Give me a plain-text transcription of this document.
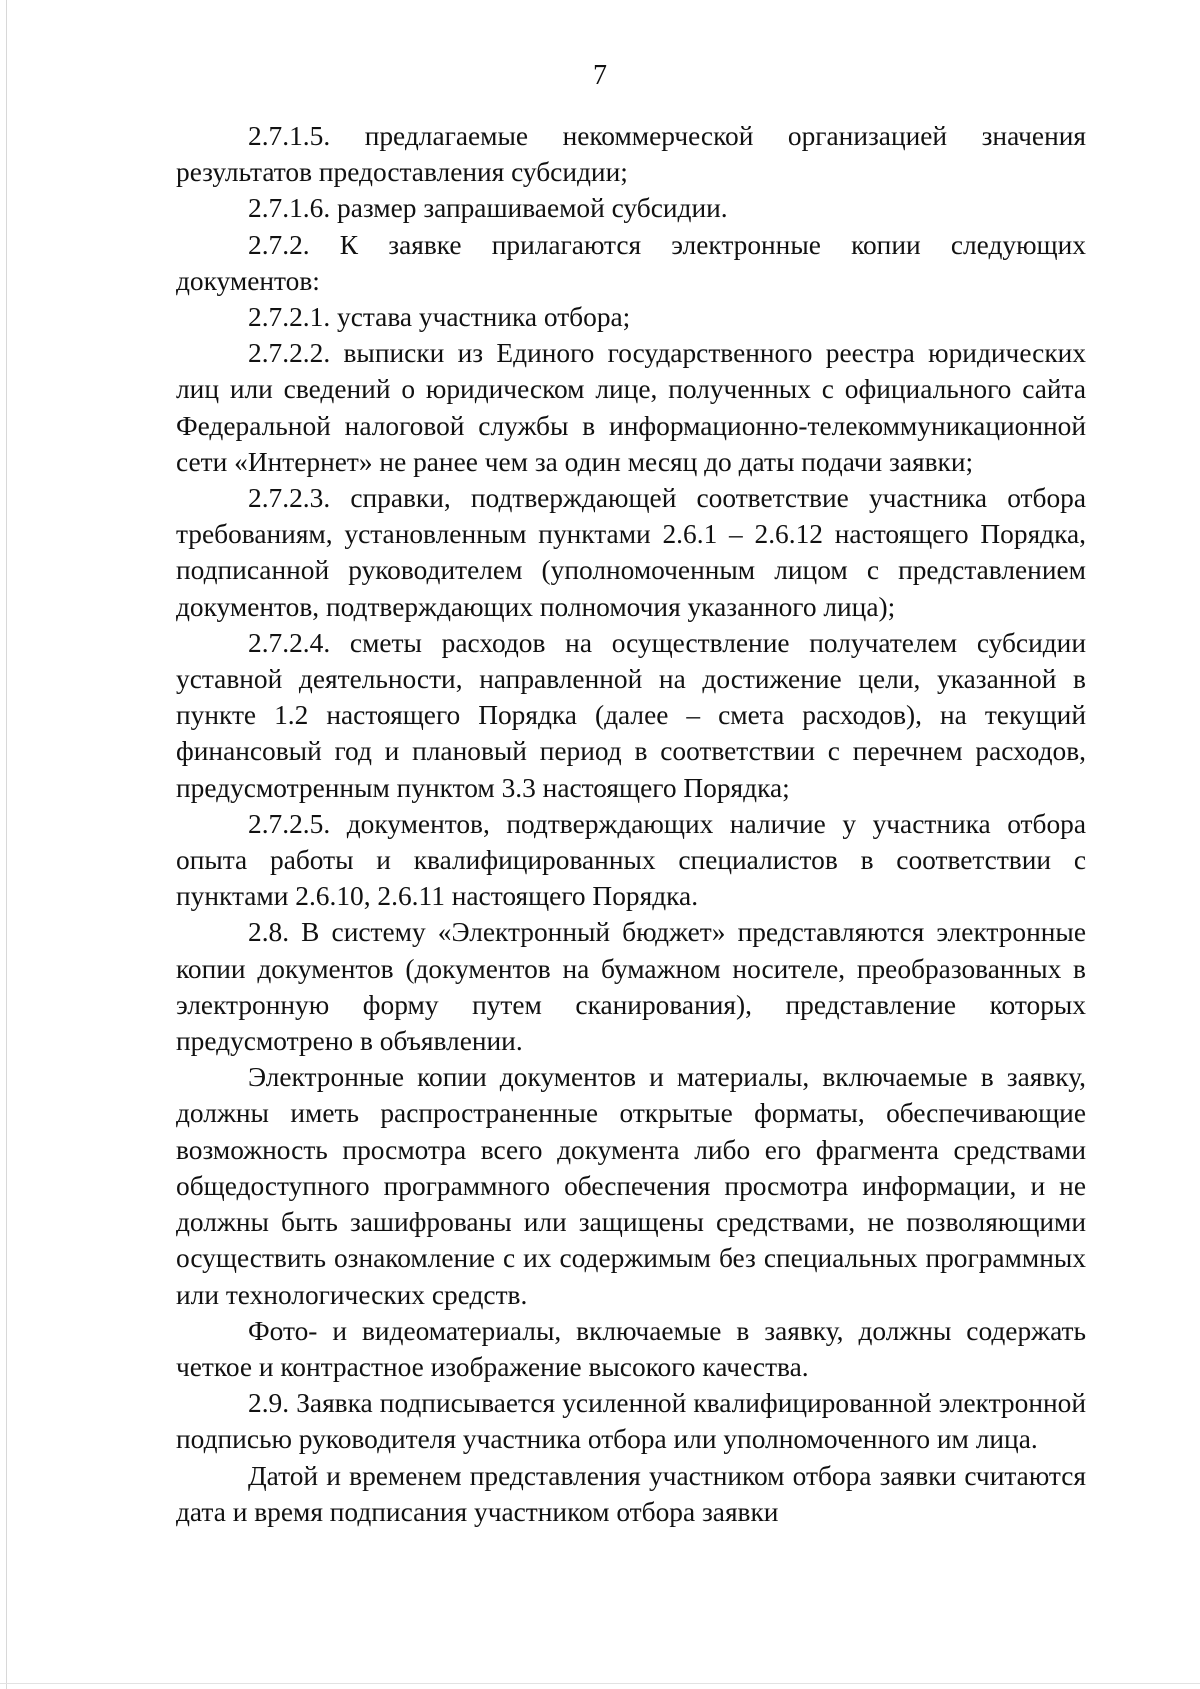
7

2.7.1.5. предлагаемые некоммерческой организацией значения результатов предоставления субсидии;

2.7.1.6. размер запрашиваемой субсидии.

2.7.2. К заявке прилагаются электронные копии следующих документов:

2.7.2.1. устава участника отбора;

2.7.2.2. выписки из Единого государственного реестра юридических лиц или сведений о юридическом лице, полученных с официального сайта Федеральной налоговой службы в информационно-телекоммуникационной сети «Интернет» не ранее чем за один месяц до даты подачи заявки;

2.7.2.3. справки, подтверждающей соответствие участника отбора требованиям, установленным пунктами 2.6.1 – 2.6.12 настоящего Порядка, подписанной руководителем (уполномоченным лицом с представлением документов, подтверждающих полномочия указанного лица);

2.7.2.4. сметы расходов на осуществление получателем субсидии уставной деятельности, направленной на достижение цели, указанной в пункте 1.2 настоящего Порядка (далее – смета расходов), на текущий финансовый год и плановый период в соответствии с перечнем расходов, предусмотренным пунктом 3.3 настоящего Порядка;

2.7.2.5. документов, подтверждающих наличие у участника отбора опыта работы и квалифицированных специалистов в соответствии с пунктами 2.6.10, 2.6.11 настоящего Порядка.

2.8. В систему «Электронный бюджет» представляются электронные копии документов (документов на бумажном носителе, преобразованных в электронную форму путем сканирования), представление которых предусмотрено в объявлении.

Электронные копии документов и материалы, включаемые в заявку, должны иметь распространенные открытые форматы, обеспечивающие возможность просмотра всего документа либо его фрагмента средствами общедоступного программного обеспечения просмотра информации, и не должны быть зашифрованы или защищены средствами, не позволяющими осуществить ознакомление с их содержимым без специальных программных или технологических средств.

Фото- и видеоматериалы, включаемые в заявку, должны содержать четкое и контрастное изображение высокого качества.

2.9. Заявка подписывается усиленной квалифицированной электронной подписью руководителя участника отбора или уполномоченного им лица.

Датой и временем представления участником отбора заявки считаются дата и время подписания участником отбора заявки
